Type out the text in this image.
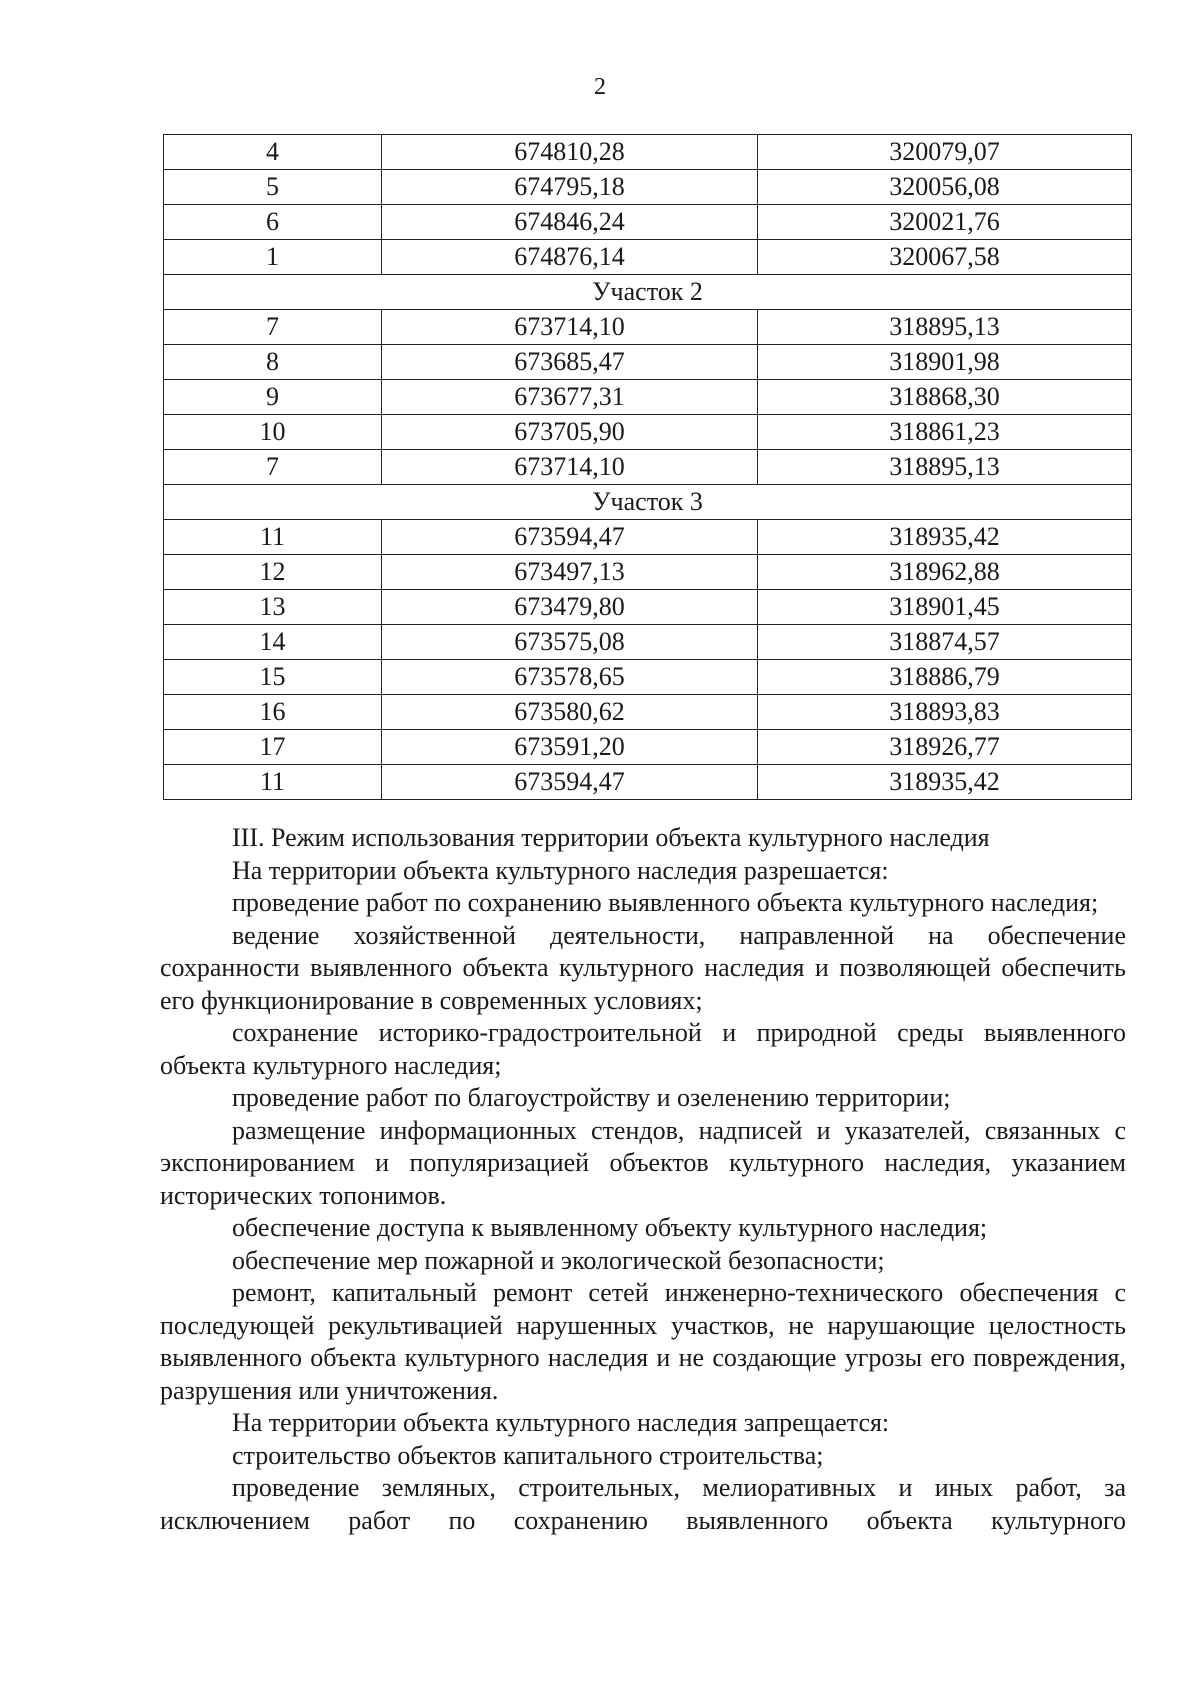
2
4	674810,28	320079,07
5	674795,18	320056,08
6	674846,24	320021,76
1	674876,14	320067,58
Участок 2		
7	673714,10	318895,13
8	673685,47	318901,98
9	673677,31	318868,30
10	673705,90	318861,23
7	673714,10	318895,13
Участок 3		
11	673594,47	318935,42
12	673497,13	318962,88
13	673479,80	318901,45
14	673575,08	318874,57
15	673578,65	318886,79
16	673580,62	318893,83
17	673591,20	318926,77
11	673594,47	318935,42

III. Режим использования территории объекта культурного наследия

На территории объекта культурного наследия разрешается:

проведение работ по сохранению выявленного объекта культурного наследия;

ведение хозяйственной деятельности, направленной на обеспечение сохранности выявленного объекта культурного наследия и позволяющей обеспечить его функционирование в современных условиях;

сохранение историко-градостроительной и природной среды выявленного объекта культурного наследия;

проведение работ по благоустройству и озеленению территории;

размещение информационных стендов, надписей и указателей, связанных с экспонированием и популяризацией объектов культурного наследия, указанием исторических топонимов.

обеспечение доступа к выявленному объекту культурного наследия;

обеспечение мер пожарной и экологической безопасности;

ремонт, капитальный ремонт сетей инженерно-технического обеспечения с последующей рекультивацией нарушенных участков, не нарушающие целостность выявленного объекта культурного наследия и не создающие угрозы его повреждения, разрушения или уничтожения.

На территории объекта культурного наследия запрещается:

строительство объектов капитального строительства;

проведение земляных, строительных, мелиоративных и иных работ, за исключением работ по сохранению выявленного объекта культурного
